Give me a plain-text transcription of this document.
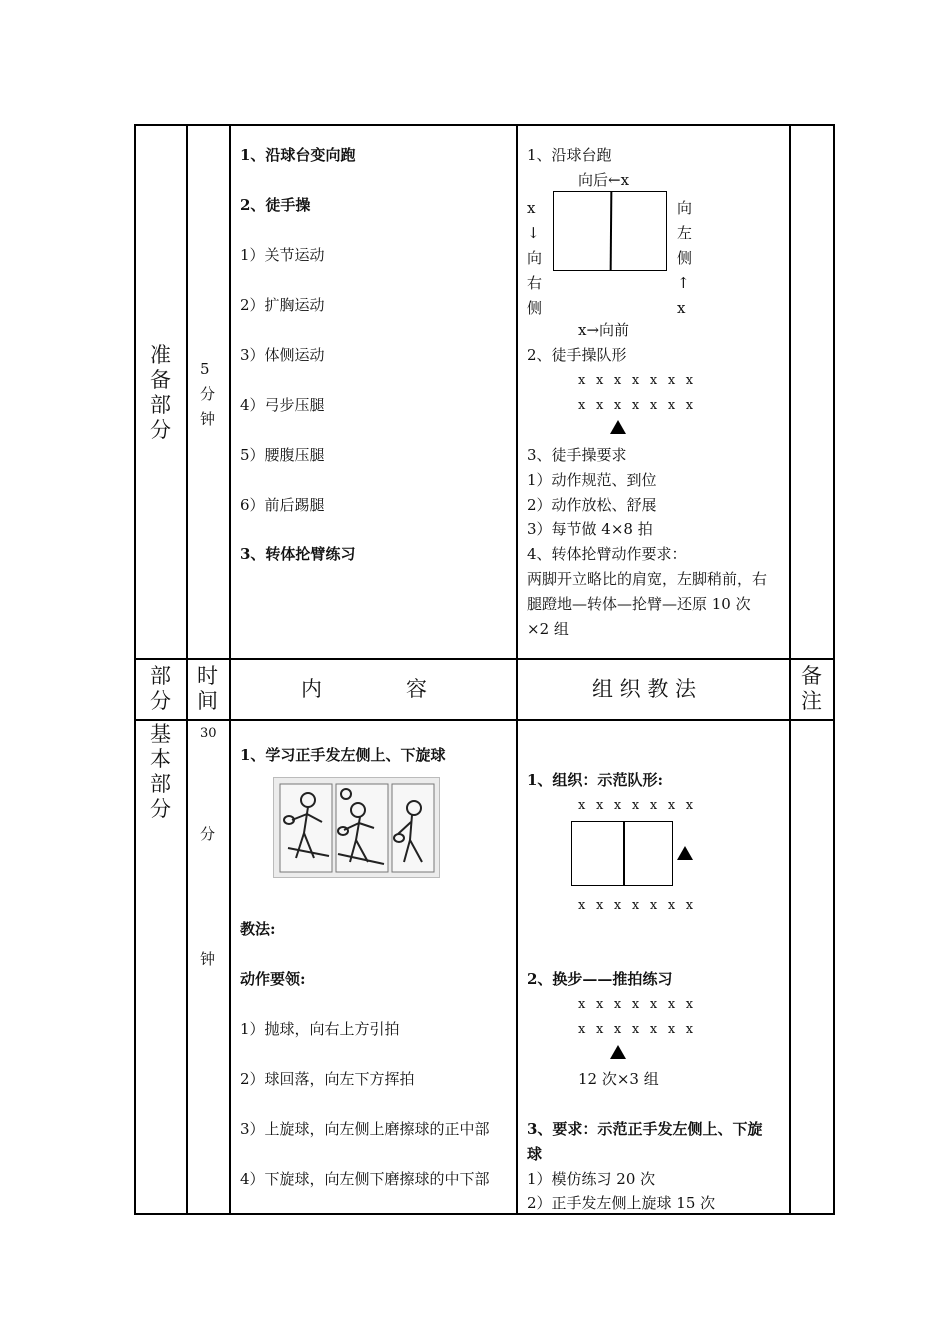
准备部分
5分钟
1、沿球台变向跑
2、徒手操
1）关节运动
2）扩胸运动
3）体侧运动
4）弓步压腿
5）腰腹压腿
6）前后踢腿
3、转体抡臂练习
1、沿球台跑
向后←x
x
↓
向
右
侧
向
左
侧
↑
x
x→向前
2、徒手操队形
x x x x x x x
x x x x x x x
3、徒手操要求
1）动作规范、到位
2）动作放松、舒展
3）每节做 4×8 拍
4、转体抡臂动作要求：
两脚开立略比的肩宽，左脚稍前，右
腿蹬地—转体—抡臂—还原 10 次
×2 组
部
分
时
间	内　　　　容	组 织 教 法
备
注
基本部分
30
分
钟
1、学习正手发左侧上、下旋球
教法:
动作要领:
1）抛球，向右上方引拍
2）球回落，向左下方挥拍
3）上旋球，向左侧上磨擦球的正中部
4）下旋球，向左侧下磨擦球的中下部
1、组织：示范队形:
x x x x x x x
x x x x x x x
2、换步——推拍练习
x x x x x x x
x x x x x x x
12 次×3 组
3、要求：示范正手发左侧上、下旋
球
1）模仿练习 20 次
2）正手发左侧上旋球 15 次
